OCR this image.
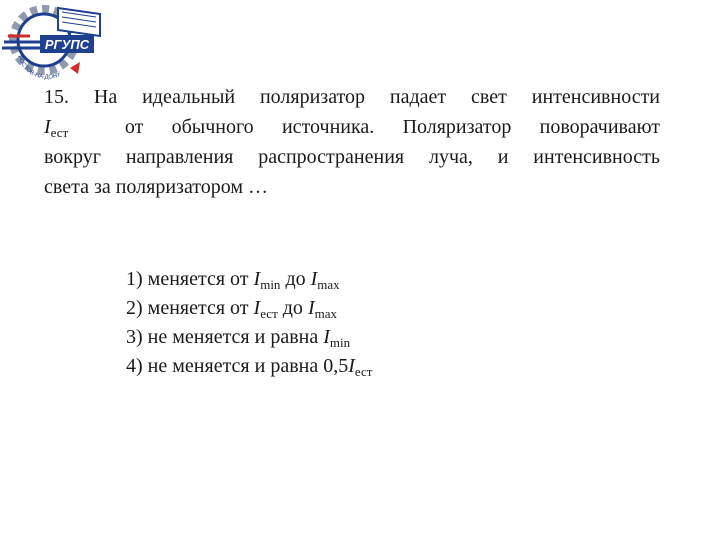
РГУПС
РОСТОВ-НА-ДОНУ
15. На идеальный поляризатор падает свет интенсивности
$I_{ест}$	от обычного источника. Поляризатор поворачивают
вокруг направления распространения луча, и интенсивность
света за поляризатором …
1) меняется от $I_{min}$ до $I_{max}$
2) меняется от $I_{ест}$ до $I_{max}$
3) не меняется и равна $I_{min}$
4) не меняется и равна $0,5I_{ест}$
